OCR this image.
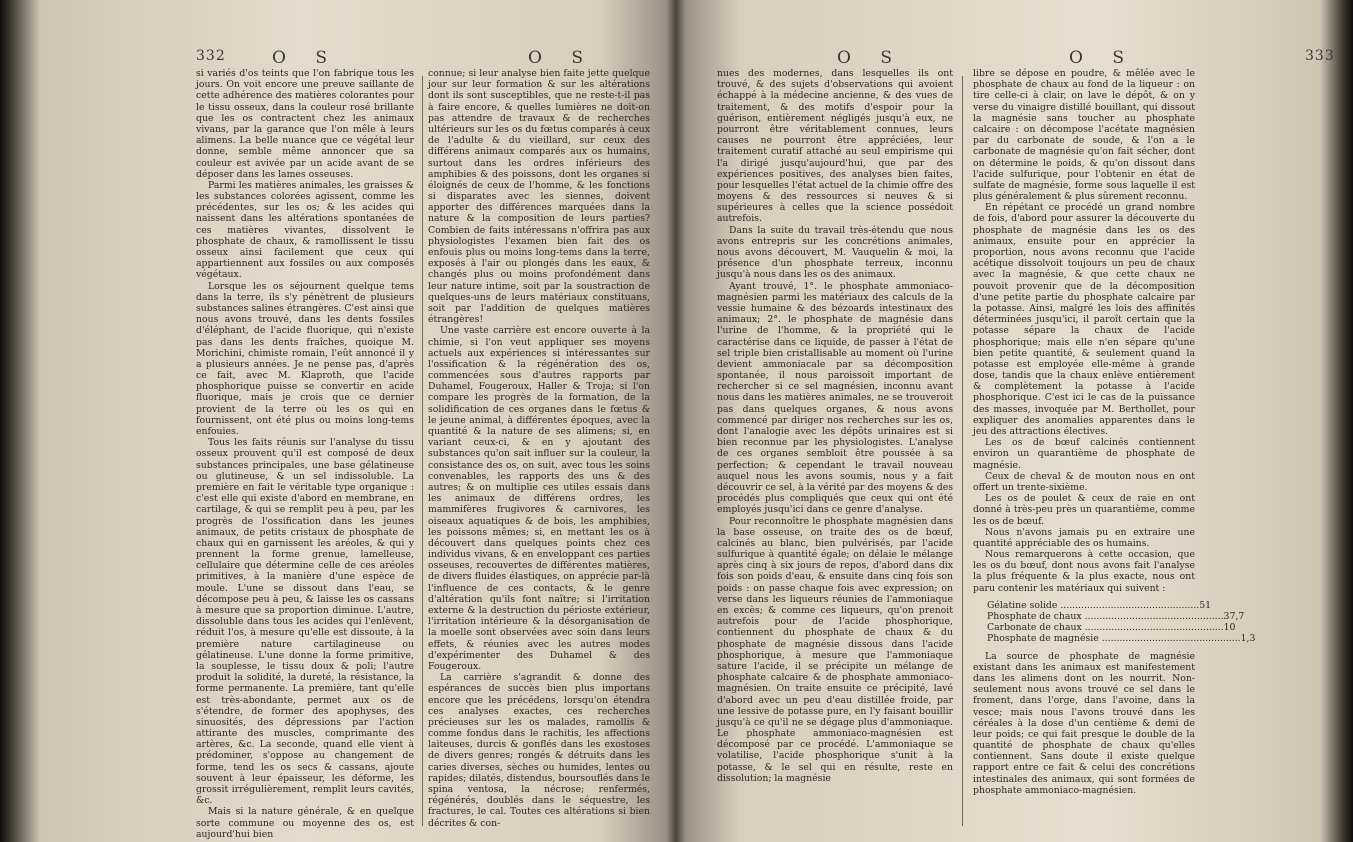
332	O S	O S

si variés d'os teints que l'on fabrique tous les jours. On voit encore une preuve saillante de cette adhérence des matières colorantes pour le tissu osseux, dans la couleur rosé brillante que les os contractent chez les animaux vivans, par la garance que l'on mêle à leurs alimens. La belle nuance que ce végétal leur donne, semble même annoncer que sa couleur est avivée par un acide avant de se déposer dans les lames osseuses.

Parmi les matières animales, les graisses & les substances colorées agissent, comme les précédentes, sur les os; & les acides qui naissent dans les altérations spontanées de ces matières vivantes, dissolvent le phosphate de chaux, & ramollissent le tissu osseux ainsi facilement que ceux qui appartiennent aux fossiles ou aux composés végétaux.

Lorsque les os séjournent quelque tems dans la terre, ils s'y pénètrent de plusieurs substances salines étrangères. C'est ainsi que nous avons trouvé, dans les dents fossiles d'éléphant, de l'acide fluorique, qui n'existe pas dans les dents fraîches, quoique M. Morichini, chimiste romain, l'eût annoncé il y a plusieurs années. Je ne pense pas, d'après ce fait, avec M. Klaproth, que l'acide phosphorique puisse se convertir en acide fluorique, mais je crois que ce dernier provient de la terre où les os qui en fournissent, ont été plus ou moins long-tems enfouies.

Tous les faits réunis sur l'analyse du tissu osseux prouvent qu'il est composé de deux substances principales, une base gélatineuse ou glutineuse, & un sel indissoluble. La première en fait le véritable type organique : c'est elle qui existe d'abord en membrane, en cartilage, & qui se remplit peu à peu, par les progrès de l'ossification dans les jeunes animaux, de petits cristaux de phosphate de chaux qui en garnissent les aréoles, & qui y prennent la forme grenue, lamelleuse, cellulaire que détermine celle de ces aréoles primitives, à la manière d'une espèce de moule. L'une se dissout dans l'eau, se décompose peu à peu, & laisse les os cassans à mesure que sa proportion diminue. L'autre, dissoluble dans tous les acides qui l'enlèvent, réduit l'os, à mesure qu'elle est dissoute, à la première nature cartilagineuse ou gélatineuse. L'une donne la forme primitive, la souplesse, le tissu doux & poli; l'autre produit la solidité, la dureté, la résistance, la forme permanente. La première, tant qu'elle est très-abondante, permet aux os de s'étendre, de former des apophyses, des sinuosités, des dépressions par l'action attirante des muscles, comprimante des artères, &c. La seconde, quand elle vient à prédominer, s'oppose au changement de forme, tend les os secs & cassans, ajoute souvent à leur épaisseur, les déforme, les grossit irrégulièrement, remplit leurs cavités, &c.

Mais si la nature générale, & en quelque sorte commune ou moyenne des os, est aujourd'hui bien

connue; si leur analyse bien faite jette quelque jour sur leur formation & sur les altérations dont ils sont susceptibles, que ne reste-t-il pas à faire encore, & quelles lumières ne doit-on pas attendre de travaux & de recherches ultérieurs sur les os du fœtus comparés à ceux de l'adulte & du vieillard, sur ceux des différens animaux comparés aux os humains, surtout dans les ordres inférieurs des amphibies & des poissons, dont les organes si éloignés de ceux de l'homme, & les fonctions si disparates avec les siennes, doivent apporter des différences marquées dans la nature & la composition de leurs parties? Combien de faits intéressans n'offrira pas aux physiologistes l'examen bien fait des os enfouis plus ou moins long-tems dans la terre, exposés à l'air ou plongés dans les eaux, & changés plus ou moins profondément dans leur nature intime, soit par la soustraction de quelques-uns de leurs matériaux constituans, soit par l'addition de quelques matières étrangères!

Une vaste carrière est encore ouverte à la chimie, si l'on veut appliquer ses moyens actuels aux expériences si intéressantes sur l'ossification & la régénération des os, commencées sous d'autres rapports par Duhamel, Fougeroux, Haller & Troja; si l'on compare les progrès de la formation, de la solidification de ces organes dans le fœtus & le jeune animal, à différentes époques, avec la quantité & la nature de ses alimens; si, en variant ceux-ci, & en y ajoutant des substances qu'on sait influer sur la couleur, la consistance des os, on suit, avec tous les soins convenables, les rapports des uns & des autres; & on multiplie ces utiles essais dans les animaux de différens ordres, les mammifères frugivores & carnivores, les oiseaux aquatiques & de bois, les amphibies, les poissons mêmes; si, en mettant les os à découvert dans quelques points chez ces individus vivans, & en enveloppant ces parties osseuses, recouvertes de différentes matières, de divers fluides élastiques, on apprécie par-là l'influence de ces contacts, & le genre d'altération qu'ils font naître; si l'irritation externe & la destruction du périoste extérieur, l'irritation intérieure & la désorganisation de la moelle sont observées avec soin dans leurs effets, & réunies avec les autres modes d'expérimenter des Duhamel & des Fougeroux.

La carrière s'agrandit & donne des espérances de succès bien plus importans encore que les précédens, lorsqu'on étendra ces analyses exactes, ces recherches précieuses sur les os malades, ramollis & comme fondus dans le rachitis, les affections laiteuses, durcis & gonflés dans les exostoses de divers genres; rongés & détruits dans les caries diverses, sèches ou humides, lentes ou rapides; dilatés, distendus, boursouflés dans le spina ventosa, la nécrose; renfermés, régénérés, doublés dans le séquestre, les fractures, le cal. Toutes ces altérations si bien décrites & con-

O S	O S	333

nues des modernes, dans lesquelles ils ont trouvé, & des sujets d'observations qui avoient échappé à la médecine ancienne, & des vues de traitement, & des motifs d'espoir pour la guérison, entièrement négligés jusqu'à eux, ne pourront être véritablement connues, leurs causes ne pourront être appréciées, leur traitement curatif attaché au seul empirisme qui l'a dirigé jusqu'aujourd'hui, que par des expériences positives, des analyses bien faites, pour lesquelles l'état actuel de la chimie offre des moyens & des ressources si neuves & si supérieures à celles que la science possédoit autrefois.

Dans la suite du travail très-étendu que nous avons entrepris sur les concrétions animales, nous avons découvert, M. Vauquelin & moi, la présence d'un phosphate terreux, inconnu jusqu'à nous dans les os des animaux.

Ayant trouvé, 1°. le phosphate ammoniaco-magnésien parmi les matériaux des calculs de la vessie humaine & des bézoards intestinaux des animaux; 2°. le phosphate de magnésie dans l'urine de l'homme, & la propriété qui le caractérise dans ce liquide, de passer à l'état de sel triple bien cristallisable au moment où l'urine devient ammoniacale par sa décomposition spontanée, il nous paroissoit important de rechercher si ce sel magnésien, inconnu avant nous dans les matières animales, ne se trouveroit pas dans quelques organes, & nous avons commencé par diriger nos recherches sur les os, dont l'analogie avec les dépôts urinaires est si bien reconnue par les physiologistes. L'analyse de ces organes sembloit être poussée à sa perfection; & cependant le travail nouveau auquel nous les avons soumis, nous y a fait découvrir ce sel, à la vérité par des moyens & des procédés plus compliqués que ceux qui ont été employés jusqu'ici dans ce genre d'analyse.

Pour reconnoître le phosphate magnésien dans la base osseuse, on traite des os de bœuf, calcinés au blanc, bien pulvérisés, par l'acide sulfurique à quantité égale; on délaie le mélange après cinq à six jours de repos, d'abord dans dix fois son poids d'eau, & ensuite dans cinq fois son poids : on passe chaque fois avec expression; on verse dans les liqueurs réunies de l'ammoniaque en excès; & comme ces liqueurs, qu'on prenoit autrefois pour de l'acide phosphorique, contiennent du phosphate de chaux & du phosphate de magnésie dissous dans l'acide phosphorique, à mesure que l'ammoniaque sature l'acide, il se précipite un mélange de phosphate calcaire & de phosphate ammoniaco-magnésien. On traite ensuite ce précipité, lavé d'abord avec un peu d'eau distillée froide, par une lessive de potasse pure, en l'y faisant bouillir jusqu'à ce qu'il ne se dégage plus d'ammoniaque. Le phosphate ammoniaco-magnésien est décomposé par ce procédé. L'ammoniaque se volatilise, l'acide phosphorique s'unit à la potasse, & le sel qui en résulte, reste en dissolution; la magnésie

libre se dépose en poudre, & mêlée avec le phosphate de chaux au fond de la liqueur : on tire celle-ci à clair, on lave le dépôt, & on y verse du vinaigre distillé bouillant, qui dissout la magnésie sans toucher au phosphate calcaire : on décompose l'acétate magnésien par du carbonate de soude, & l'on a le carbonate de magnésie qu'on fait sécher, dont on détermine le poids, & qu'on dissout dans l'acide sulfurique, pour l'obtenir en état de sulfate de magnésie, forme sous laquelle il est plus généralement & plus sûrement reconnu.

En répétant ce procédé un grand nombre de fois, d'abord pour assurer la découverte du phosphate de magnésie dans les os des animaux, ensuite pour en apprécier la proportion, nous avons reconnu que l'acide acétique dissolvoit toujours un peu de chaux avec la magnésie, & que cette chaux ne pouvoit provenir que de la décomposition d'une petite partie du phosphate calcaire par la potasse. Ainsi, malgré les lois des affinités déterminées jusqu'ici, il paroît certain que la potasse sépare la chaux de l'acide phosphorique; mais elle n'en sépare qu'une bien petite quantité, & seulement quand la potasse est employée elle-même à grande dose, tandis que la chaux enlève entièrement & complètement la potasse à l'acide phosphorique. C'est ici le cas de la puissance des masses, invoquée par M. Berthollet, pour expliquer des anomalies apparentes dans le jeu des attractions électives.

Les os de bœuf calcinés contiennent environ un quarantième de phosphate de magnésie.

Ceux de cheval & de mouton nous en ont offert un trente-sixième.

Les os de poulet & ceux de raie en ont donné à très-peu près un quarantième, comme les os de bœuf.

Nous n'avons jamais pu en extraire une quantité appréciable des os humains.

Nous remarquerons à cette occasion, que les os du bœuf, dont nous avons fait l'analyse la plus fréquente & la plus exacte, nous ont paru contenir les matériaux qui suivent :

Gélatine solide .....	51
Phosphate de chaux .....	37,7
Carbonate de chaux .....	10
Phosphate de magnésie .....	1,3

La source de phosphate de magnésie existant dans les animaux est manifestement dans les alimens dont on les nourrit. Non-seulement nous avons trouvé ce sel dans le froment, dans l'orge, dans l'avoine, dans la vesce; mais nous l'avons trouvé dans les céréales à la dose d'un centième & demi de leur poids; ce qui fait presque le double de la quantité de phosphate de chaux qu'elles contiennent. Sans doute il existe quelque rapport entre ce fait & celui des concrétions intestinales des animaux, qui sont formées de phosphate ammoniaco-magnésien.
